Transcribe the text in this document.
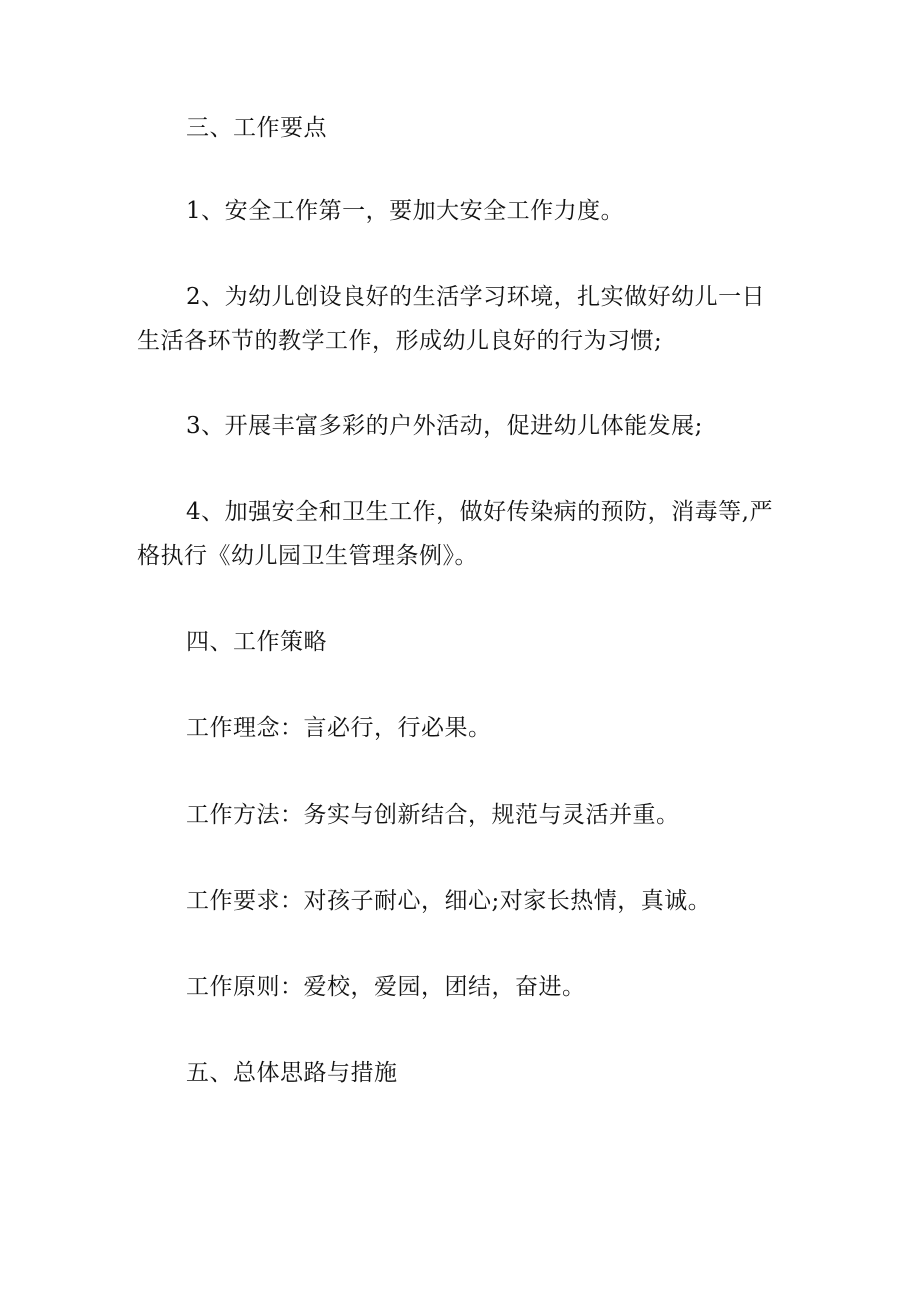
三、工作要点

1、安全工作第一，要加大安全工作力度。

2、为幼儿创设良好的生活学习环境，扎实做好幼儿一日生活各环节的教学工作，形成幼儿良好的行为习惯;

3、开展丰富多彩的户外活动，促进幼儿体能发展;

4、加强安全和卫生工作，做好传染病的预防，消毒等,严格执行《幼儿园卫生管理条例》。

四、工作策略

工作理念：言必行，行必果。

工作方法：务实与创新结合，规范与灵活并重。

工作要求：对孩子耐心，细心;对家长热情，真诚。

工作原则：爱校，爱园，团结，奋进。

五、总体思路与措施
